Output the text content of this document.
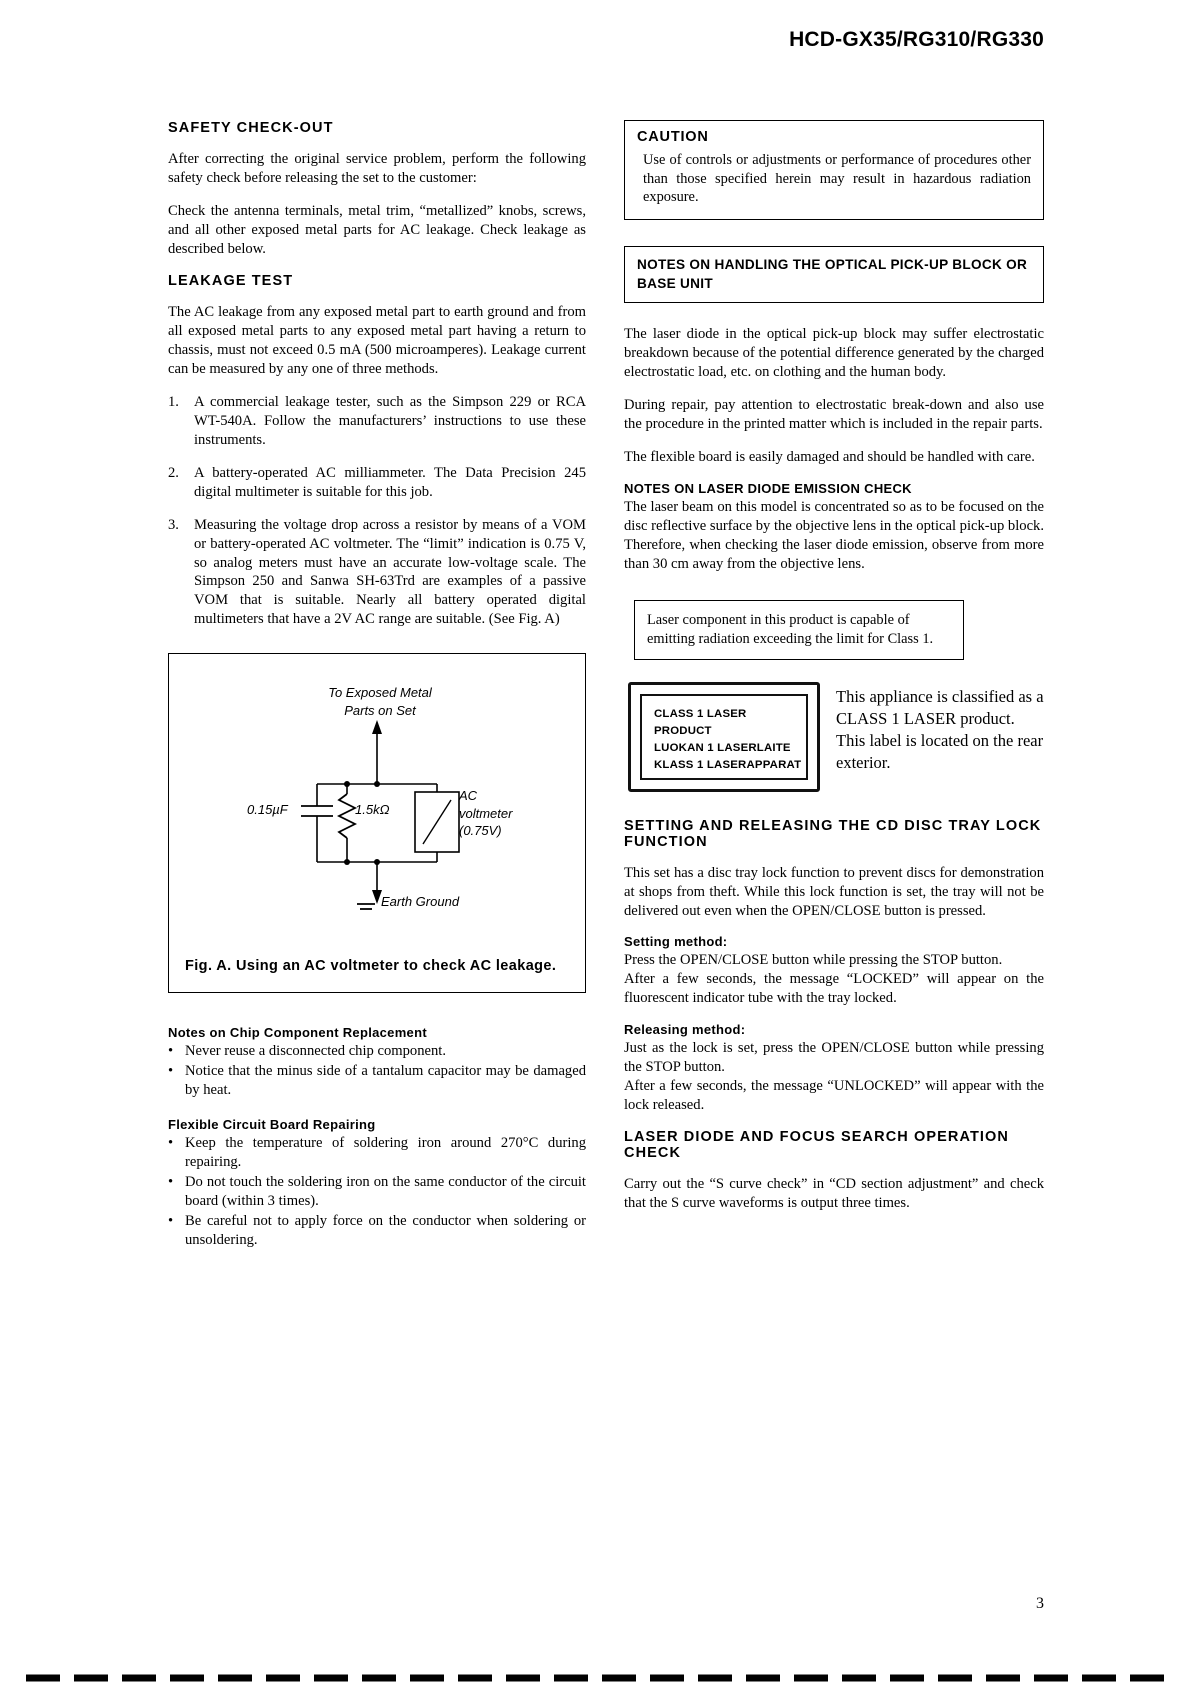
HCD-GX35/RG310/RG330
SAFETY CHECK-OUT

After correcting the original service problem, perform the following safety check before releasing the set to the customer:

Check the antenna terminals, metal trim, “metallized” knobs, screws, and all other exposed metal parts for AC leakage. Check leakage as described below.

LEAKAGE TEST

The AC leakage from any exposed metal part to earth ground and from all exposed metal parts to any exposed metal part having a return to chassis, must not exceed 0.5 mA (500 microamperes). Leakage current can be measured by any one of three methods.

1. A commercial leakage tester, such as the Simpson 229 or RCA WT-540A. Follow the manufacturers’ instructions to use these instruments.
2. A battery-operated AC milliammeter. The Data Precision 245 digital multimeter is suitable for this job.
3. Measuring the voltage drop across a resistor by means of a VOM or battery-operated AC voltmeter. The “limit” indication is 0.75 V, so analog meters must have an accurate low-voltage scale. The Simpson 250 and Sanwa SH-63Trd are examples of a passive VOM that is suitable. Nearly all battery operated digital multimeters that have a 2V AC range are suitable. (See Fig. A)
To Exposed Metal
Parts on Set
0.15µF	1.5kΩ
AC
voltmeter
(0.75V)
Earth Ground
Fig. A. Using an AC voltmeter to check AC leakage.
Notes on Chip Component Replacement
• Never reuse a disconnected chip component.
• Notice that the minus side of a tantalum capacitor may be damaged by heat.
Flexible Circuit Board Repairing
• Keep the temperature of soldering iron around 270°C during repairing.
• Do not touch the soldering iron on the same conductor of the circuit board (within 3 times).
• Be careful not to apply force on the conductor when soldering or unsoldering.
CAUTION
Use of controls or adjustments or performance of procedures other than those specified herein may result in hazardous radiation exposure.
NOTES ON HANDLING THE OPTICAL PICK-UP BLOCK OR BASE UNIT

The laser diode in the optical pick-up block may suffer electrostatic breakdown because of the potential difference generated by the charged electrostatic load, etc. on clothing and the human body.

During repair, pay attention to electrostatic break-down and also use the procedure in the printed matter which is included in the repair parts.

The flexible board is easily damaged and should be handled with care.

NOTES ON LASER DIODE EMISSION CHECK

The laser beam on this model is concentrated so as to be focused on the disc reflective surface by the objective lens in the optical pick-up block. Therefore, when checking the laser diode emission, observe from more than 30 cm away from the objective lens.

Laser component in this product is capable of emitting radiation exceeding the limit for Class 1.
CLASS 1 LASER PRODUCT
LUOKAN 1 LASERLAITE
KLASS 1 LASERAPPARAT
This appliance is classified as a CLASS 1 LASER product. This label is located on the rear exterior.
SETTING AND RELEASING THE CD DISC TRAY LOCK FUNCTION

This set has a disc tray lock function to prevent discs for demonstration at shops from theft. While this lock function is set, the tray will not be delivered out even when the OPEN/CLOSE button is pressed.

Setting method:

Press the OPEN/CLOSE button while pressing the STOP button.

After a few seconds, the message “LOCKED” will appear on the fluorescent indicator tube with the tray locked.

Releasing method:

Just as the lock is set, press the OPEN/CLOSE button while pressing the STOP button.

After a few seconds, the message “UNLOCKED” will appear with the lock released.

LASER DIODE AND FOCUS SEARCH OPERATION CHECK

Carry out the “S curve check” in “CD section adjustment” and check that the S curve waveforms is output three times.

3
